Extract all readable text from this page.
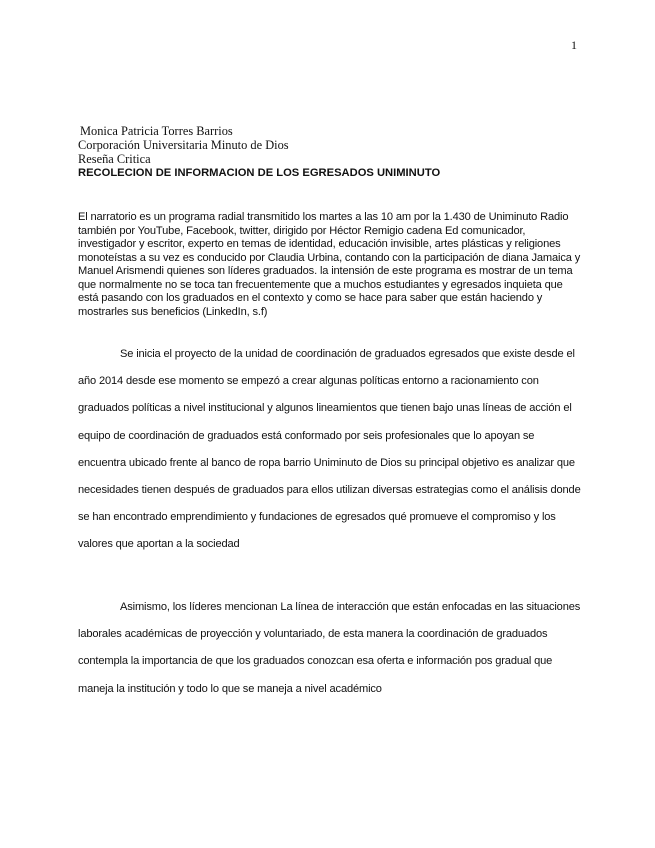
1
Monica Patricia Torres Barrios
Corporación Universitaria Minuto de Dios
Reseña Critica
RECOLECION DE INFORMACION DE LOS EGRESADOS UNIMINUTO

El narratorio es un programa radial transmitido los martes a las 10 am por la 1.430 de Uniminuto Radio también por YouTube, Facebook, twitter, dirigido por Héctor Remigio cadena Ed comunicador, investigador y escritor, experto en temas de identidad, educación invisible, artes plásticas y religiones monoteístas a su vez es conducido por Claudia Urbina, contando con la participación de diana Jamaica y Manuel Arismendi quienes son líderes graduados. la intensión de este programa es mostrar de un tema que normalmente no se toca tan frecuentemente que a muchos estudiantes y egresados inquieta que está pasando con los graduados en el contexto y como se hace para saber que están haciendo y mostrarles sus beneficios (LinkedIn, s.f)

Se inicia el proyecto de la unidad de coordinación de graduados egresados que existe desde el año 2014 desde ese momento se empezó a crear algunas políticas entorno a racionamiento con graduados políticas a nivel institucional y algunos lineamientos que tienen bajo unas líneas de acción el equipo de coordinación de graduados está conformado por seis profesionales que lo apoyan se encuentra ubicado frente al banco de ropa barrio Uniminuto de Dios su principal objetivo es analizar que necesidades tienen después de graduados para ellos utilizan diversas estrategias como el análisis donde se han encontrado emprendimiento y fundaciones de egresados qué promueve el compromiso y los valores que aportan a la sociedad

Asimismo, los líderes mencionan La línea de interacción que están enfocadas en las situaciones laborales académicas de proyección y voluntariado, de esta manera la coordinación de graduados contempla la importancia de que los graduados conozcan esa oferta e información pos gradual que maneja la institución y todo lo que se maneja a nivel académico
